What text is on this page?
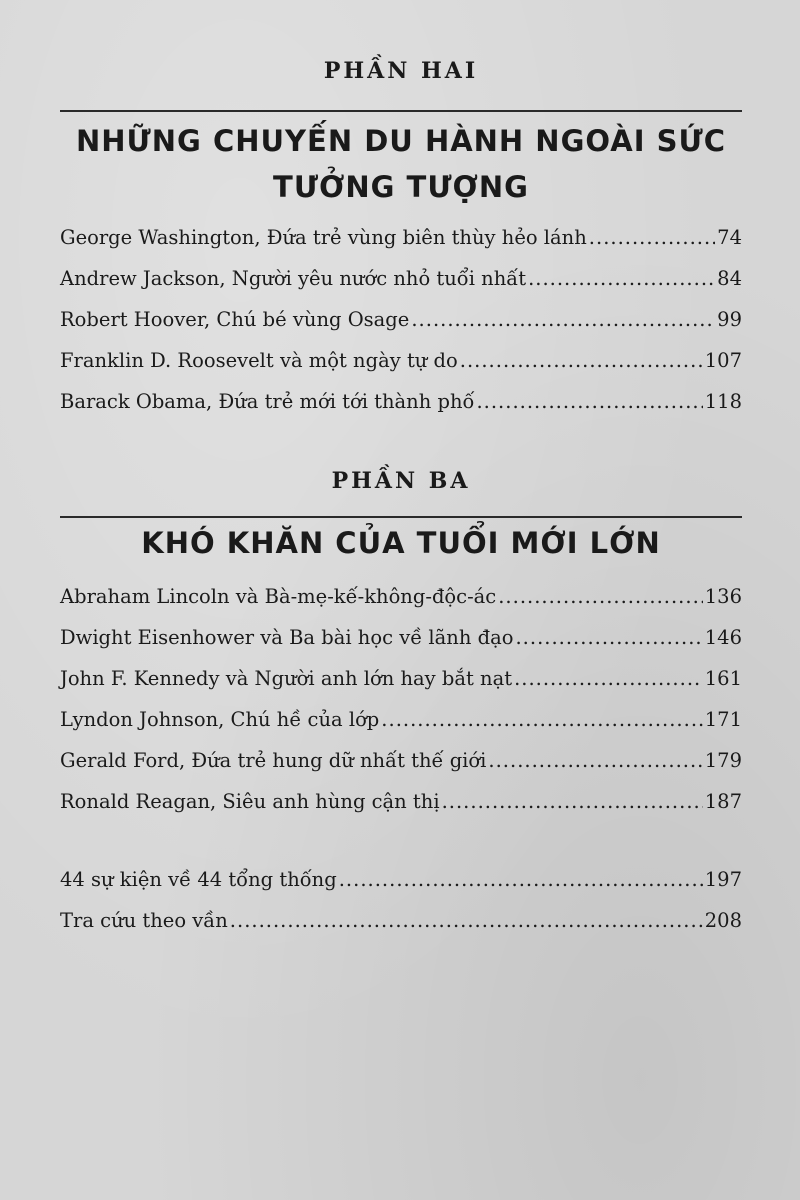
PHẦN HAI
NHỮNG CHUYẾN DU HÀNH NGOÀI SỨC
TƯỞNG TƯỢNG
George Washington, Đứa trẻ vùng biên thùy hẻo lánh .....	74
Andrew Jackson, Người yêu nước nhỏ tuổi nhất .....	84
Robert Hoover, Chú bé vùng Osage .....	99
Franklin D. Roosevelt và một ngày tự do .....	107
Barack Obama, Đứa trẻ mới tới thành phố .....	118
PHẦN BA
KHÓ KHĂN CỦA TUỔI MỚI LỚN
Abraham Lincoln và Bà-mẹ-kế-không-độc-ác .....	136
Dwight Eisenhower và Ba bài học về lãnh đạo .....	146
John F. Kennedy và Người anh lớn hay bắt nạt .....	161
Lyndon Johnson, Chú hề của lớp .....	171
Gerald Ford, Đứa trẻ hung dữ nhất thế giới .....	179
Ronald Reagan, Siêu anh hùng cận thị .....	187
44 sự kiện về 44 tổng thống .....	197
Tra cứu theo vần .....	208
